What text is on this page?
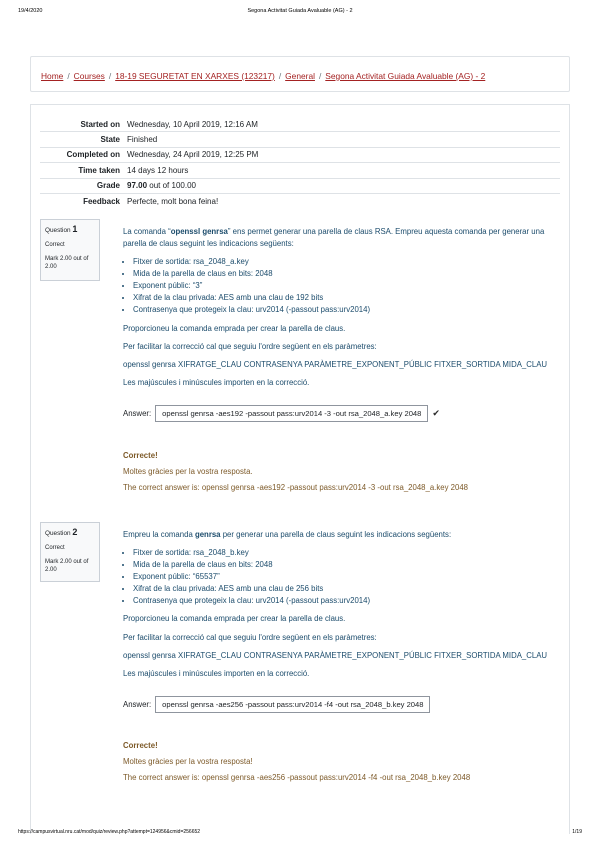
19/4/2020	Segona Activitat Guiada Avaluable (AG) - 2
Home / Courses / 18-19 SEGURETAT EN XARXES (123217) / General / Segona Activitat Guiada Avaluable (AG) - 2
Started on	Wednesday, 10 April 2019, 12:16 AM
State	Finished
Completed on	Wednesday, 24 April 2019, 12:25 PM
Time taken	14 days 12 hours
Grade	97.00 out of 100.00
Feedback	Perfecte, molt bona feina!
Question 1
Correct
Mark 2.00 out of 2.00

La comanda “openssl genrsa” ens permet generar una parella de claus RSA. Empreu aquesta comanda per generar una parella de claus seguint les indicacions següents:

• Fitxer de sortida: rsa_2048_a.key
• Mida de la parella de claus en bits: 2048
• Exponent públic: “3”
• Xifrat de la clau privada: AES amb una clau de 192 bits
• Contrasenya que protegeix la clau: urv2014 (-passout pass:urv2014)

Proporcioneu la comanda emprada per crear la parella de claus.

Per facilitar la correcció cal que seguiu l'ordre següent en els paràmetres:

openssl genrsa XIFRATGE_CLAU CONTRASENYA PARÀMETRE_EXPONENT_PÚBLIC FITXER_SORTIDA MIDA_CLAU

Les majúscules i minúscules importen en la correcció.

Answer:	openssl genrsa -aes192 -passout pass:urv2014 -3 -out rsa_2048_a.key 2048	✔

Correcte!

Moltes gràcies per la vostra resposta.

The correct answer is: openssl genrsa -aes192 -passout pass:urv2014 -3 -out rsa_2048_a.key 2048

Question 2
Correct
Mark 2.00 out of 2.00

Empreu la comanda genrsa per generar una parella de claus seguint les indicacions següents:

• Fitxer de sortida: rsa_2048_b.key
• Mida de la parella de claus en bits: 2048
• Exponent públic: “65537”
• Xifrat de la clau privada: AES amb una clau de 256 bits
• Contrasenya que protegeix la clau: urv2014 (-passout pass:urv2014)

Proporcioneu la comanda emprada per crear la parella de claus.

Per facilitar la correcció cal que seguiu l'ordre següent en els paràmetres:

openssl genrsa XIFRATGE_CLAU CONTRASENYA PARÀMETRE_EXPONENT_PÚBLIC FITXER_SORTIDA MIDA_CLAU

Les majúscules i minúscules importen en la correcció.

Answer:	openssl genrsa -aes256 -passout pass:urv2014 -f4 -out rsa_2048_b.key 2048

Correcte!

Moltes gràcies per la vostra resposta!

The correct answer is: openssl genrsa -aes256 -passout pass:urv2014 -f4 -out rsa_2048_b.key 2048

https://campusvirtual.nru.cat/mod/quiz/review.php?attempt=124956&cmid=256652	1/19
